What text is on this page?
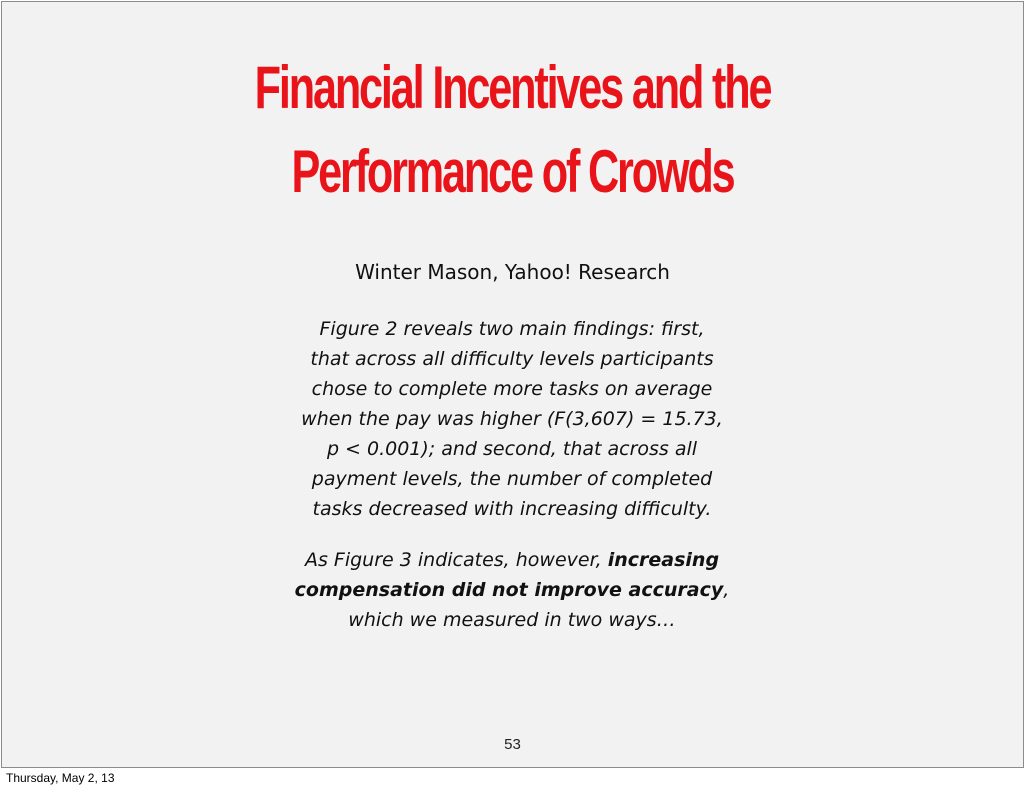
Financial Incentives and the
Performance of Crowds
Winter Mason, Yahoo! Research
Figure 2 reveals two main findings: first,
that across all difficulty levels participants
chose to complete more tasks on average
when the pay was higher (F(3,607) = 15.73,
p < 0.001); and second, that across all
payment levels, the number of completed
tasks decreased with increasing difficulty.
As Figure 3 indicates, however, increasing
compensation did not improve accuracy,
which we measured in two ways…
53
Thursday, May 2, 13
